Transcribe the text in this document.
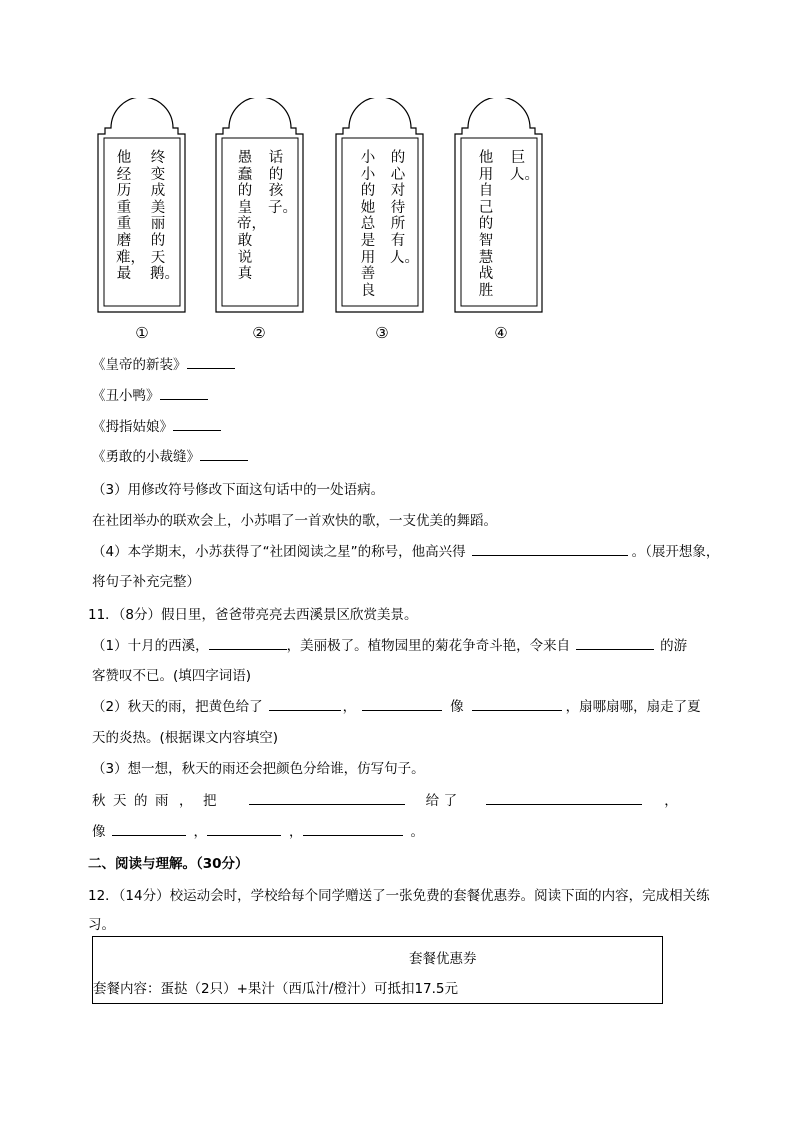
终变成美丽的天鹅。
他经历重重磨难，最
话的孩子。
愚蠢的皇帝，敢说真
的心对待所有人。
小小的她总是用善良
巨人。
他用自己的智慧战胜
①	②	③	④
《皇帝的新装》
《丑小鸭》
《拇指姑娘》
《勇敢的小裁缝》
（3）用修改符号修改下面这句话中的一处语病。
在社团举办的联欢会上，小苏唱了一首欢快的歌，一支优美的舞蹈。
（4）本学期末，小苏获得了“社团阅读之星”的称号，他高兴得	。（展开想象，
将句子补充完整）
11．（8分）假日里，爸爸带亮亮去西溪景区欣赏美景。
（1）十月的西溪，	，美丽极了。植物园里的菊花争奇斗艳，令来自	的游
客赞叹不已。(填四字词语)
（2）秋天的雨，把黄色给了	，	像	，扇哪扇哪，扇走了夏
天的炎热。(根据课文内容填空)
（3）想一想，秋天的雨还会把颜色分给谁，仿写句子。
秋 天 的 雨 ， 把	给 了	，
像	，	，	。
二、阅读与理解。（30分）
12．（14分）校运动会时，学校给每个同学赠送了一张免费的套餐优惠券。阅读下面的内容，完成相关练
习。
套餐优惠券
套餐内容：蛋挞（2只）+果汁（西瓜汁/橙汁）可抵扣17.5元
